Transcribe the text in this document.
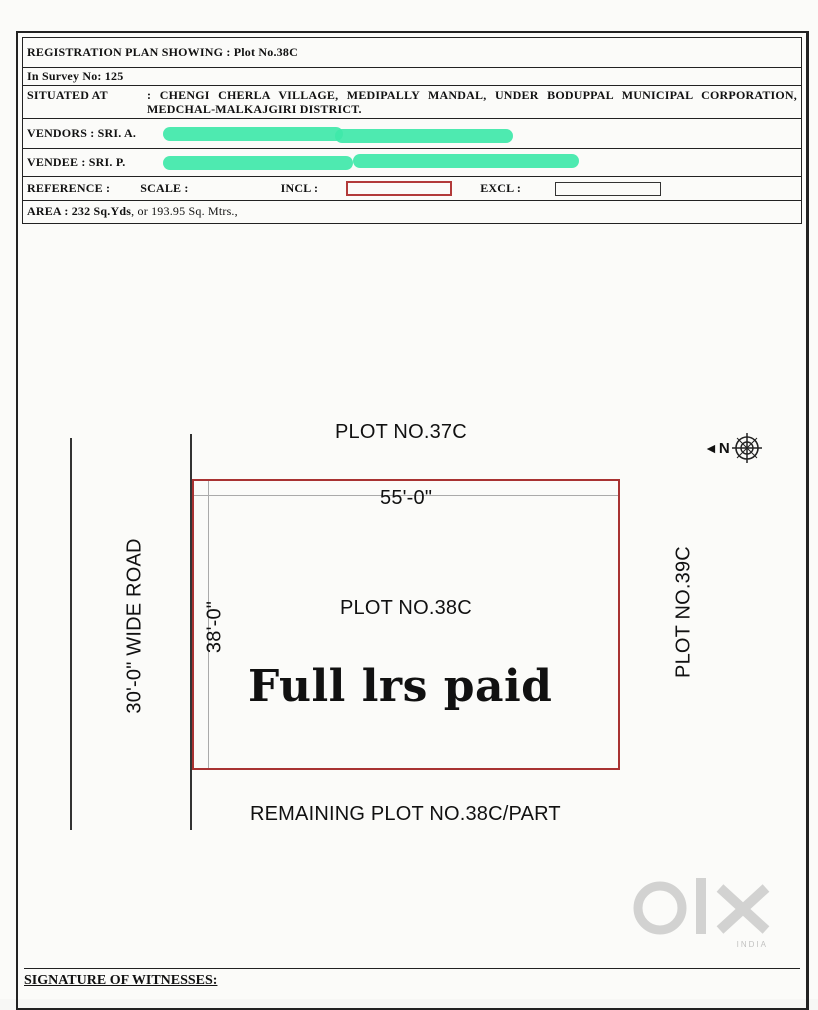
REGISTRATION PLAN SHOWING : Plot No.38C
In Survey No: 125
SITUATED AT	: CHENGI CHERLA VILLAGE, MEDIPALLY MANDAL, UNDER BODUPPAL MUNICIPAL CORPORATION, MEDCHAL-MALKAJGIRI DISTRICT.
VENDORS : SRI. A.
VENDEE : SRI. P.
REFERENCE :	SCALE :	INCL :	EXCL :
AREA : 232 Sq.Yds, or 193.95 Sq. Mtrs.,
PLOT NO.37C
◄ N
30'-0" WIDE ROAD
55'-0"
38'-0"	PLOT NO.38C
Full lrs paid
PLOT NO.39C
REMAINING PLOT NO.38C/PART
INDIA
SIGNATURE OF WITNESSES:
